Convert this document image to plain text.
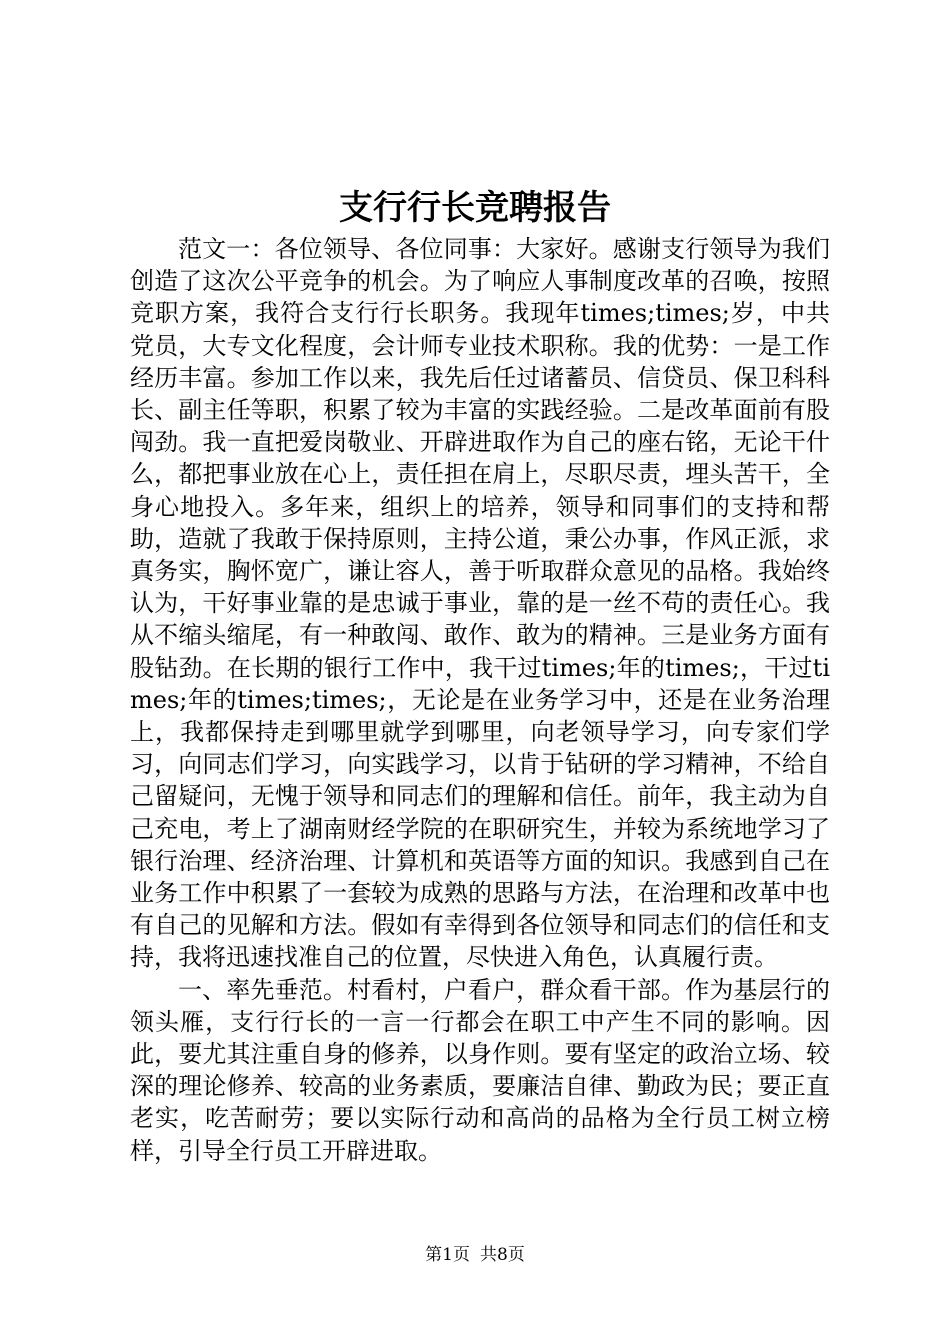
支行行长竞聘报告

范文一：各位领导、各位同事：大家好。感谢支行领导为我们创造了这次公平竞争的机会。为了响应人事制度改革的召唤，按照竞职方案，我符合支行行长职务。我现年times;times;岁，中共党员，大专文化程度，会计师专业技术职称。我的优势：一是工作经历丰富。参加工作以来，我先后任过诸蓄员、信贷员、保卫科科长、副主任等职，积累了较为丰富的实践经验。二是改革面前有股闯劲。我一直把爱岗敬业、开辟进取作为自己的座右铭，无论干什么，都把事业放在心上，责任担在肩上，尽职尽责，埋头苦干，全身心地投入。多年来，组织上的培养，领导和同事们的支持和帮助，造就了我敢于保持原则，主持公道，秉公办事，作风正派，求真务实，胸怀宽广，谦让容人，善于听取群众意见的品格。我始终认为，干好事业靠的是忠诚于事业，靠的是一丝不苟的责任心。我从不缩头缩尾，有一种敢闯、敢作、敢为的精神。三是业务方面有股钻劲。在长期的银行工作中，我干过times;年的times;，干过times;年的times;times;，无论是在业务学习中，还是在业务治理上，我都保持走到哪里就学到哪里，向老领导学习，向专家们学习，向同志们学习，向实践学习，以肯于钻研的学习精神，不给自己留疑问，无愧于领导和同志们的理解和信任。前年，我主动为自己充电，考上了湖南财经学院的在职研究生，并较为系统地学习了银行治理、经济治理、计算机和英语等方面的知识。我感到自己在业务工作中积累了一套较为成熟的思路与方法，在治理和改革中也有自己的见解和方法。假如有幸得到各位领导和同志们的信任和支持，我将迅速找准自己的位置，尽快进入角色，认真履行责。

一、率先垂范。村看村，户看户，群众看干部。作为基层行的领头雁，支行行长的一言一行都会在职工中产生不同的影响。因此，要尤其注重自身的修养，以身作则。要有坚定的政治立场、较深的理论修养、较高的业务素质，要廉洁自律、勤政为民；要正直老实，吃苦耐劳；要以实际行动和高尚的品格为全行员工树立榜样，引导全行员工开辟进取。

第1页 共8页
